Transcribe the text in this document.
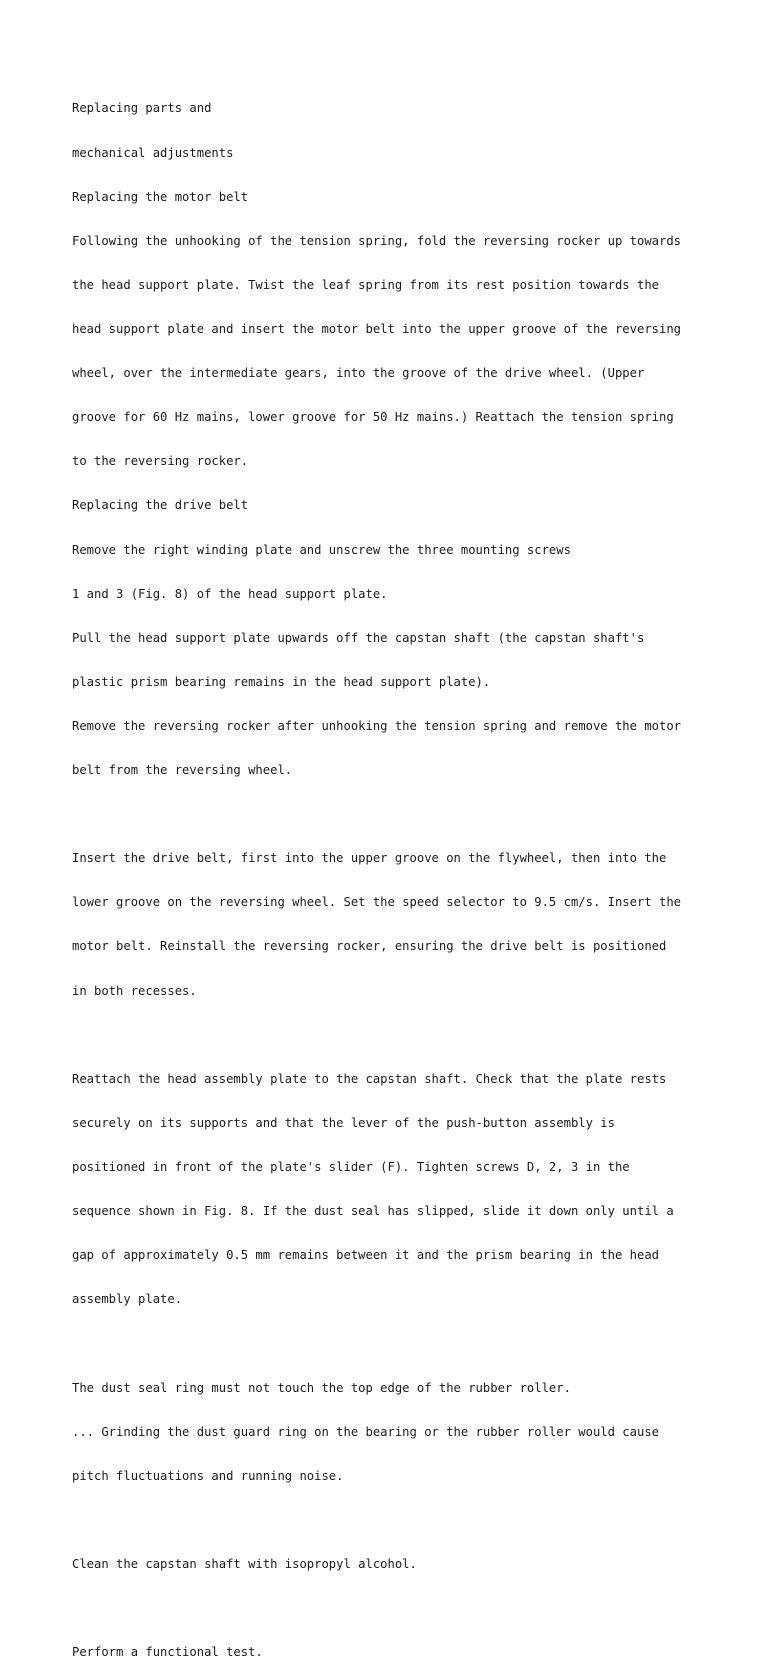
Replacing parts and

mechanical adjustments

Replacing the motor belt

Following the unhooking of the tension spring, fold the reversing rocker up towards

the head support plate. Twist the leaf spring from its rest position towards the

head support plate and insert the motor belt into the upper groove of the reversing

wheel, over the intermediate gears, into the groove of the drive wheel. (Upper

groove for 60 Hz mains, lower groove for 50 Hz mains.) Reattach the tension spring

to the reversing rocker.

Replacing the drive belt

Remove the right winding plate and unscrew the three mounting screws

1 and 3 (Fig. 8) of the head support plate.

Pull the head support plate upwards off the capstan shaft (the capstan shaft's

plastic prism bearing remains in the head support plate).

Remove the reversing rocker after unhooking the tension spring and remove the motor

belt from the reversing wheel.

Insert the drive belt, first into the upper groove on the flywheel, then into the

lower groove on the reversing wheel. Set the speed selector to 9.5 cm/s. Insert the

motor belt. Reinstall the reversing rocker, ensuring the drive belt is positioned

in both recesses.

Reattach the head assembly plate to the capstan shaft. Check that the plate rests

securely on its supports and that the lever of the push-button assembly is

positioned in front of the plate's slider (F). Tighten screws D, 2, 3 in the

sequence shown in Fig. 8. If the dust seal has slipped, slide it down only until a

gap of approximately 0.5 mm remains between it and the prism bearing in the head

assembly plate.

The dust seal ring must not touch the top edge of the rubber roller.

... Grinding the dust guard ring on the bearing or the rubber roller would cause

pitch fluctuations and running noise.

Clean the capstan shaft with isopropyl alcohol.

Perform a functional test.
